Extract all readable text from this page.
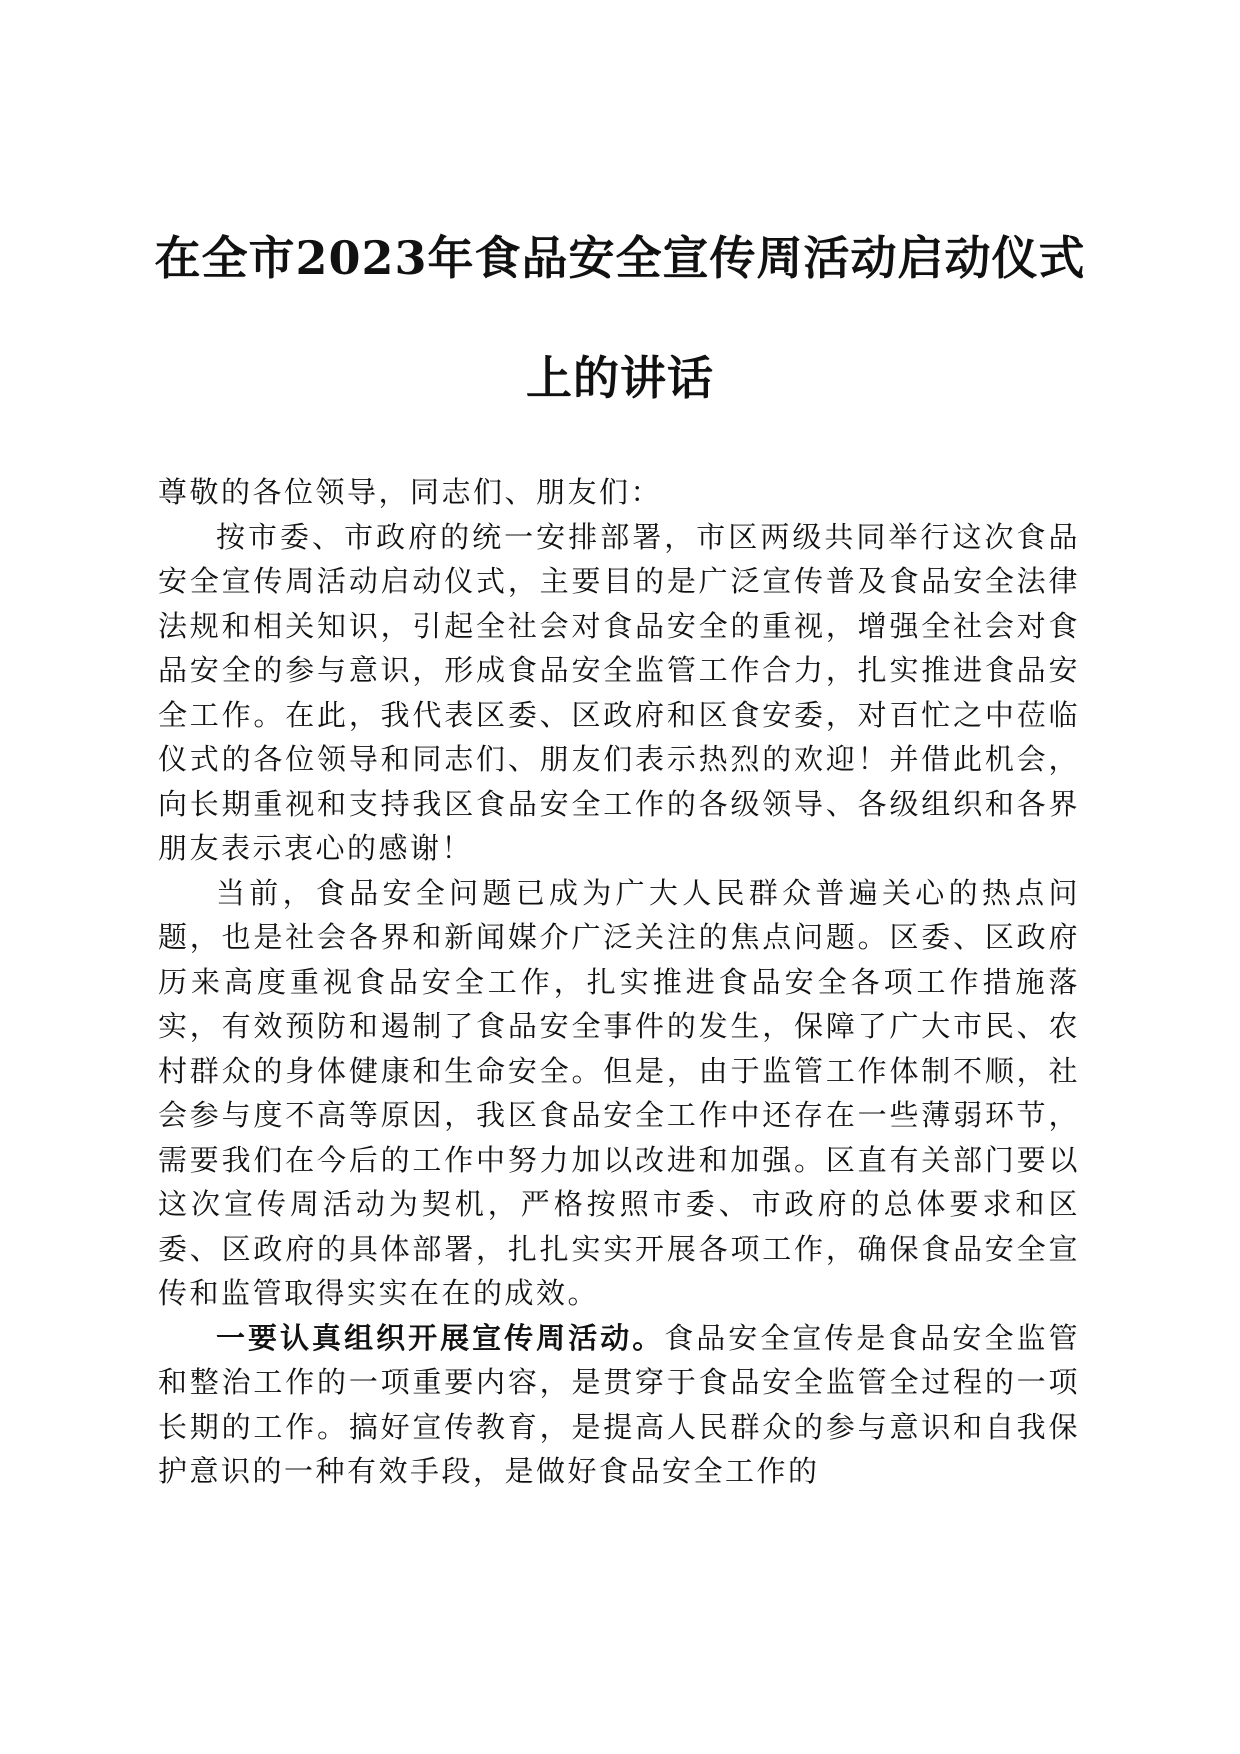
在全市2023年食品安全宣传周活动启动仪式
上的讲话

尊敬的各位领导，同志们、朋友们：

按市委、市政府的统一安排部署，市区两级共同举行这次食品安全宣传周活动启动仪式，主要目的是广泛宣传普及食品安全法律法规和相关知识，引起全社会对食品安全的重视，增强全社会对食品安全的参与意识，形成食品安全监管工作合力，扎实推进食品安全工作。在此，我代表区委、区政府和区食安委，对百忙之中莅临仪式的各位领导和同志们、朋友们表示热烈的欢迎！并借此机会，向长期重视和支持我区食品安全工作的各级领导、各级组织和各界朋友表示衷心的感谢！

当前，食品安全问题已成为广大人民群众普遍关心的热点问题，也是社会各界和新闻媒介广泛关注的焦点问题。区委、区政府历来高度重视食品安全工作，扎实推进食品安全各项工作措施落实，有效预防和遏制了食品安全事件的发生，保障了广大市民、农村群众的身体健康和生命安全。但是，由于监管工作体制不顺，社会参与度不高等原因，我区食品安全工作中还存在一些薄弱环节，需要我们在今后的工作中努力加以改进和加强。区直有关部门要以这次宣传周活动为契机，严格按照市委、市政府的总体要求和区委、区政府的具体部署，扎扎实实开展各项工作，确保食品安全宣传和监管取得实实在在的成效。

一要认真组织开展宣传周活动。食品安全宣传是食品安全监管和整治工作的一项重要内容，是贯穿于食品安全监管全过程的一项长期的工作。搞好宣传教育，是提高人民群众的参与意识和自我保护意识的一种有效手段，是做好食品安全工作的
